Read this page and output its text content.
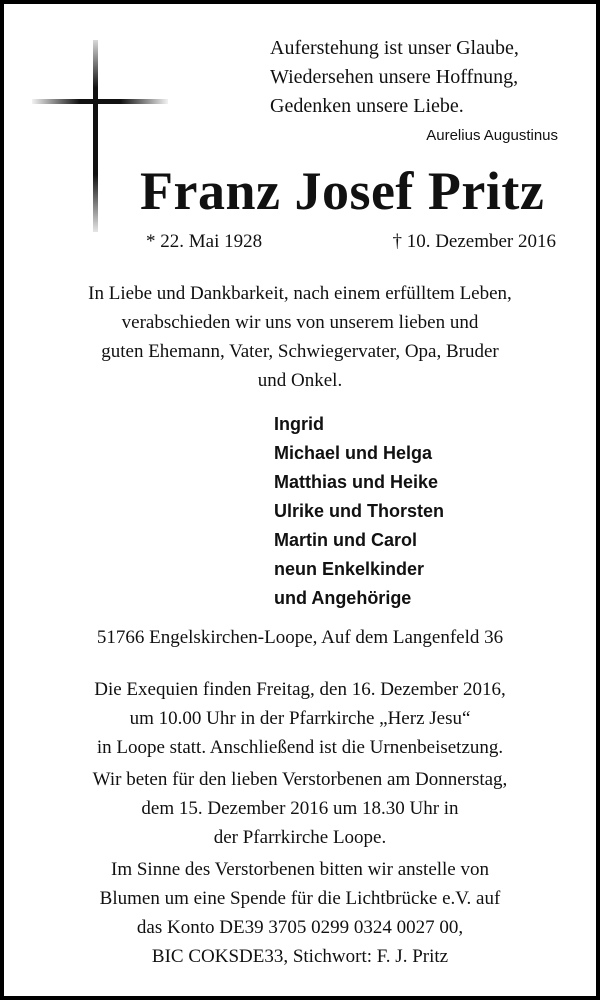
Auferstehung ist unser Glaube,
Wiedersehen unsere Hoffnung,
Gedenken unsere Liebe.
Aurelius Augustinus
Franz Josef Pritz
* 22. Mai 1928	† 10. Dezember 2016
In Liebe und Dankbarkeit, nach einem erfülltem Leben,
verabschieden wir uns von unserem lieben und
guten Ehemann, Vater, Schwiegervater, Opa, Bruder
und Onkel.
Ingrid
Michael und Helga
Matthias und Heike
Ulrike und Thorsten
Martin und Carol
neun Enkelkinder
und Angehörige
51766 Engelskirchen-Loope, Auf dem Langenfeld 36
Die Exequien finden Freitag, den 16. Dezember 2016,
um 10.00 Uhr in der Pfarrkirche „Herz Jesu“
in Loope statt. Anschließend ist die Urnenbeisetzung.
Wir beten für den lieben Verstorbenen am Donnerstag,
dem 15. Dezember 2016 um 18.30 Uhr in
der Pfarrkirche Loope.
Im Sinne des Verstorbenen bitten wir anstelle von
Blumen um eine Spende für die Lichtbrücke e.V. auf
das Konto DE39 3705 0299 0324 0027 00,
BIC COKSDE33, Stichwort: F. J. Pritz
